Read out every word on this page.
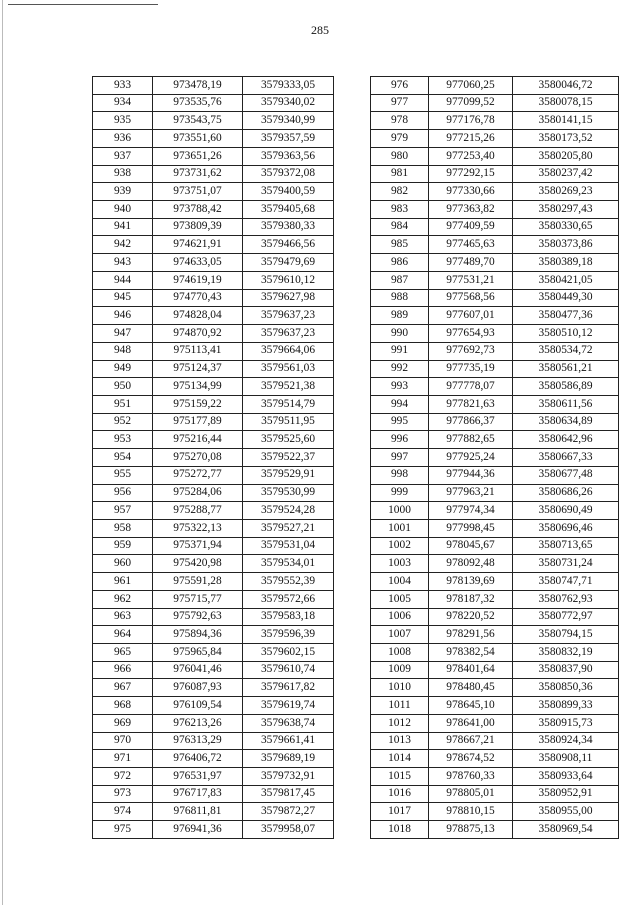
285
933	973478,19	3579333,05
934	973535,76	3579340,02
935	973543,75	3579340,99
936	973551,60	3579357,59
937	973651,26	3579363,56
938	973731,62	3579372,08
939	973751,07	3579400,59
940	973788,42	3579405,68
941	973809,39	3579380,33
942	974621,91	3579466,56
943	974633,05	3579479,69
944	974619,19	3579610,12
945	974770,43	3579627,98
946	974828,04	3579637,23
947	974870,92	3579637,23
948	975113,41	3579664,06
949	975124,37	3579561,03
950	975134,99	3579521,38
951	975159,22	3579514,79
952	975177,89	3579511,95
953	975216,44	3579525,60
954	975270,08	3579522,37
955	975272,77	3579529,91
956	975284,06	3579530,99
957	975288,77	3579524,28
958	975322,13	3579527,21
959	975371,94	3579531,04
960	975420,98	3579534,01
961	975591,28	3579552,39
962	975715,77	3579572,66
963	975792,63	3579583,18
964	975894,36	3579596,39
965	975965,84	3579602,15
966	976041,46	3579610,74
967	976087,93	3579617,82
968	976109,54	3579619,74
969	976213,26	3579638,74
970	976313,29	3579661,41
971	976406,72	3579689,19
972	976531,97	3579732,91
973	976717,83	3579817,45
974	976811,81	3579872,27
975	976941,36	3579958,07
976	977060,25	3580046,72
977	977099,52	3580078,15
978	977176,78	3580141,15
979	977215,26	3580173,52
980	977253,40	3580205,80
981	977292,15	3580237,42
982	977330,66	3580269,23
983	977363,82	3580297,43
984	977409,59	3580330,65
985	977465,63	3580373,86
986	977489,70	3580389,18
987	977531,21	3580421,05
988	977568,56	3580449,30
989	977607,01	3580477,36
990	977654,93	3580510,12
991	977692,73	3580534,72
992	977735,19	3580561,21
993	977778,07	3580586,89
994	977821,63	3580611,56
995	977866,37	3580634,89
996	977882,65	3580642,96
997	977925,24	3580667,33
998	977944,36	3580677,48
999	977963,21	3580686,26
1000	977974,34	3580690,49
1001	977998,45	3580696,46
1002	978045,67	3580713,65
1003	978092,48	3580731,24
1004	978139,69	3580747,71
1005	978187,32	3580762,93
1006	978220,52	3580772,97
1007	978291,56	3580794,15
1008	978382,54	3580832,19
1009	978401,64	3580837,90
1010	978480,45	3580850,36
1011	978645,10	3580899,33
1012	978641,00	3580915,73
1013	978667,21	3580924,34
1014	978674,52	3580908,11
1015	978760,33	3580933,64
1016	978805,01	3580952,91
1017	978810,15	3580955,00
1018	978875,13	3580969,54
